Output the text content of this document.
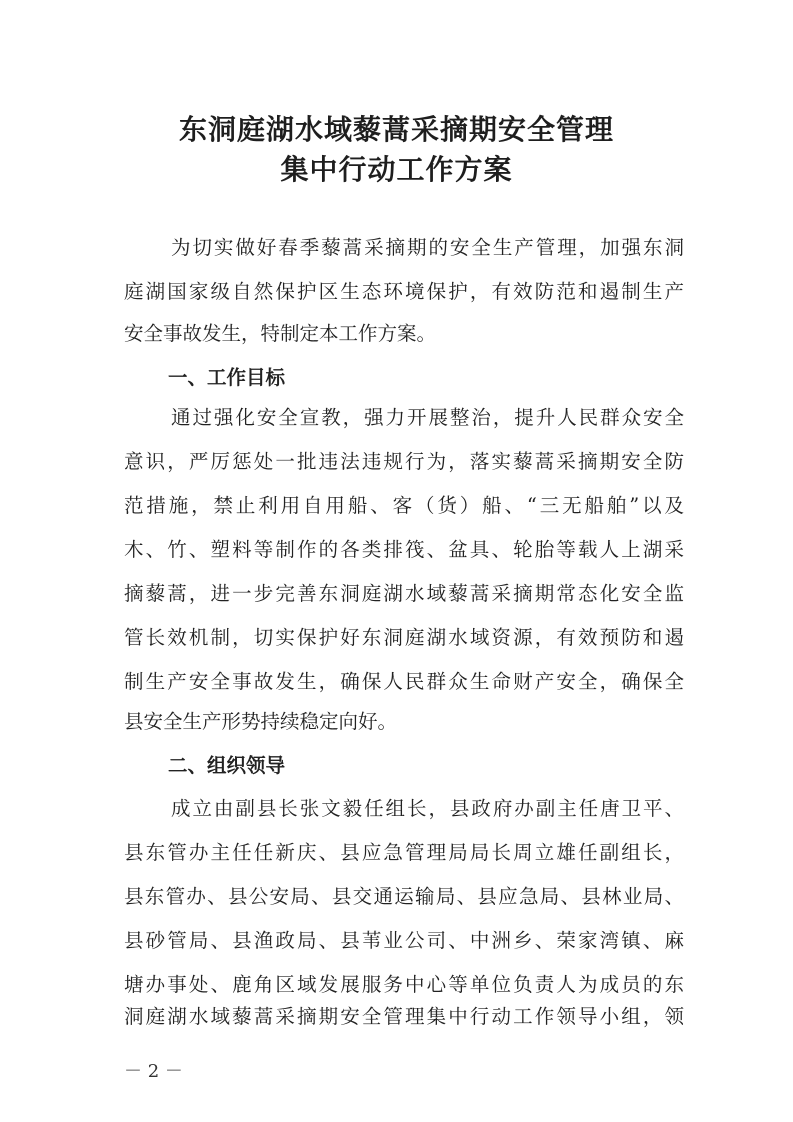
东洞庭湖水域藜蒿采摘期安全管理
集中行动工作方案
为切实做好春季藜蒿采摘期的安全生产管理，加强东洞
庭湖国家级自然保护区生态环境保护，有效防范和遏制生产
安全事故发生，特制定本工作方案。
一、工作目标
通过强化安全宣教，强力开展整治，提升人民群众安全
意识，严厉惩处一批违法违规行为，落实藜蒿采摘期安全防
范措施，禁止利用自用船、客（货）船、“三无船舶”以及
木、竹、塑料等制作的各类排筏、盆具、轮胎等载人上湖采
摘藜蒿，进一步完善东洞庭湖水域藜蒿采摘期常态化安全监
管长效机制，切实保护好东洞庭湖水域资源，有效预防和遏
制生产安全事故发生，确保人民群众生命财产安全，确保全
县安全生产形势持续稳定向好。
二、组织领导
成立由副县长张文毅任组长，县政府办副主任唐卫平、
县东管办主任任新庆、县应急管理局局长周立雄任副组长，
县东管办、县公安局、县交通运输局、县应急局、县林业局、
县砂管局、县渔政局、县苇业公司、中洲乡、荣家湾镇、麻
塘办事处、鹿角区域发展服务中心等单位负责人为成员的东
－ 2 －
洞庭湖水域藜蒿采摘期安全管理集中行动工作领导小组，领
